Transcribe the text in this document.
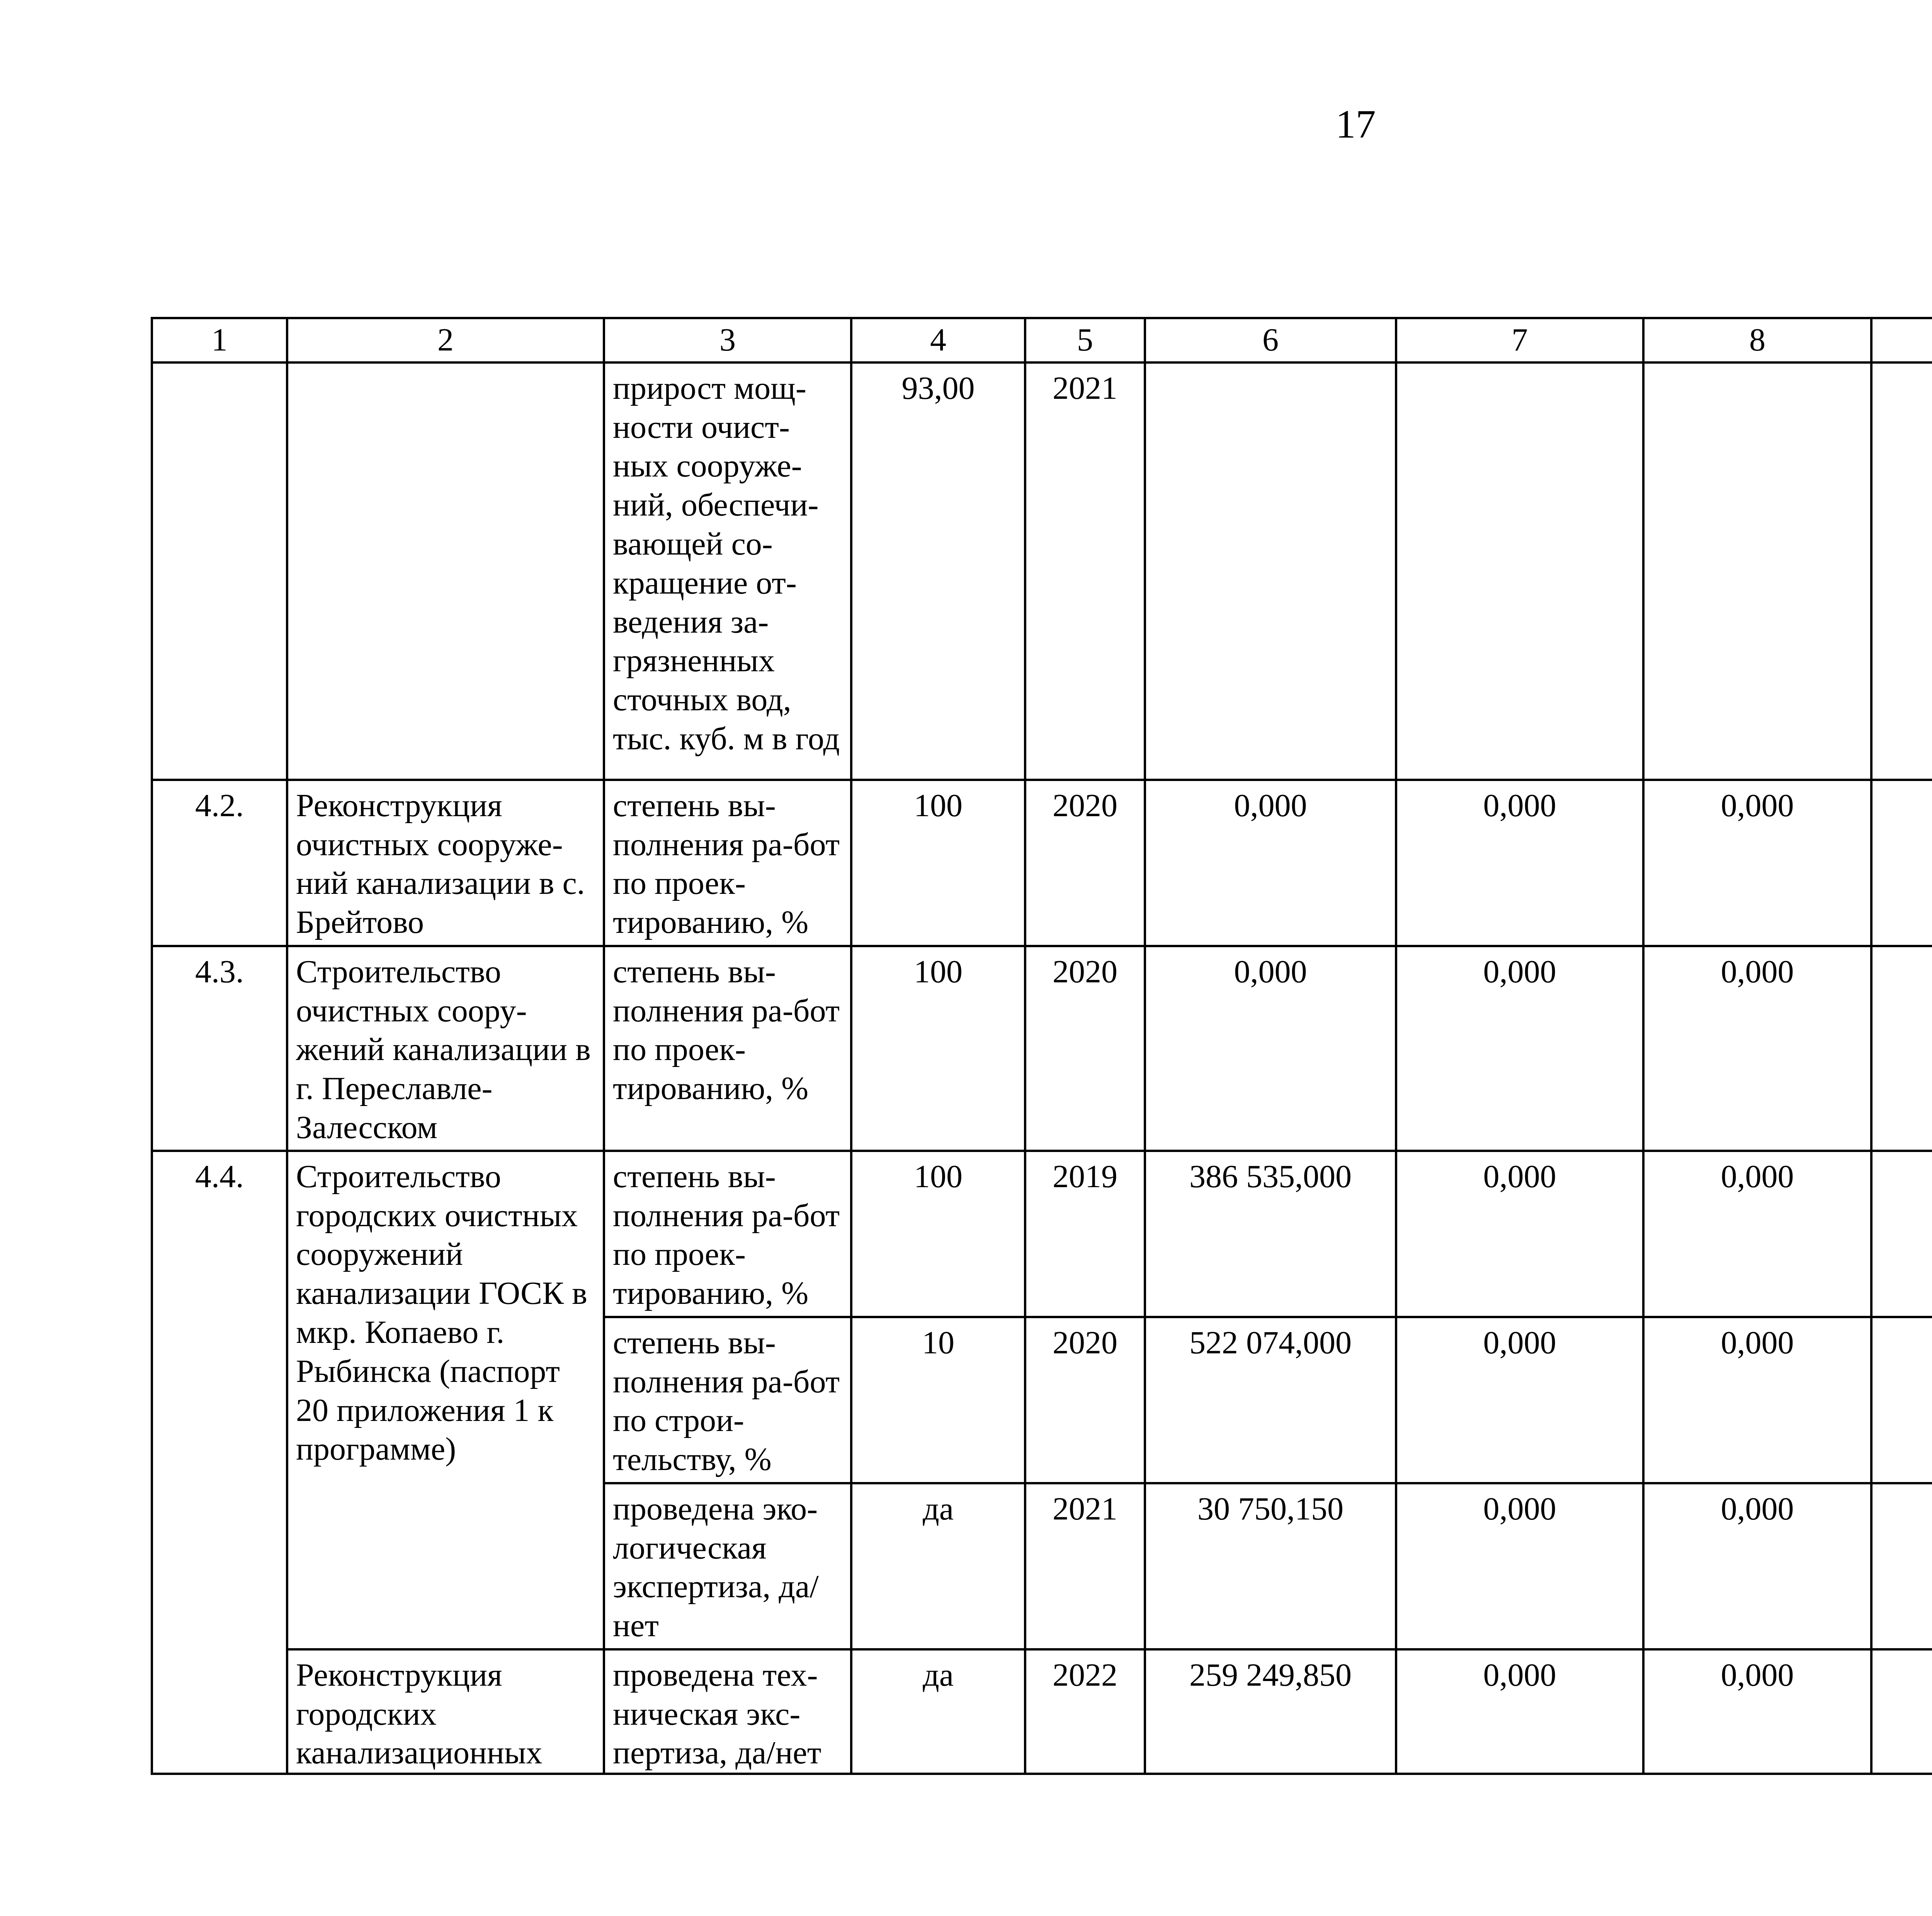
17
1	2	3	4	5	6	7	8			
		прирост мощ-ности очист-ных сооруже-ний, обеспечи-вающей со-кращение от-ведения за-грязненных сточных вод, тыс. куб. м в год	93,00	2021						
4.2.	Реконструкция очистных сооруже-ний канализации в с. Брейтово	степень вы-полнения ра-бот по проек-тированию, %	100	2020	0,000	0,000	0,000			
4.3.	Строительство очистных соору-жений канализации в г. Переславле-Залесском	степень вы-полнения ра-бот по проек-тированию, %	100	2020	0,000	0,000	0,000			
4.4.	Строительство городских очистных сооружений канализации ГОСК в мкр. Копаево г. Рыбинска (паспорт 20 приложения 1 к программе)	степень вы-полнения ра-бот по проек-тированию, %	100	2019	386 535,000	0,000	0,000			
		степень вы-полнения ра-бот по строи-тельству, %	10	2020	522 074,000	0,000	0,000		
		проведена эко-логическая экспертиза, да/нет	да	2021	30 750,150	0,000	0,000		
	Реконструкция городских канализационных	проведена тех-ническая экс-пертиза, да/нет	да	2022	259 249,850	0,000	0,000		
